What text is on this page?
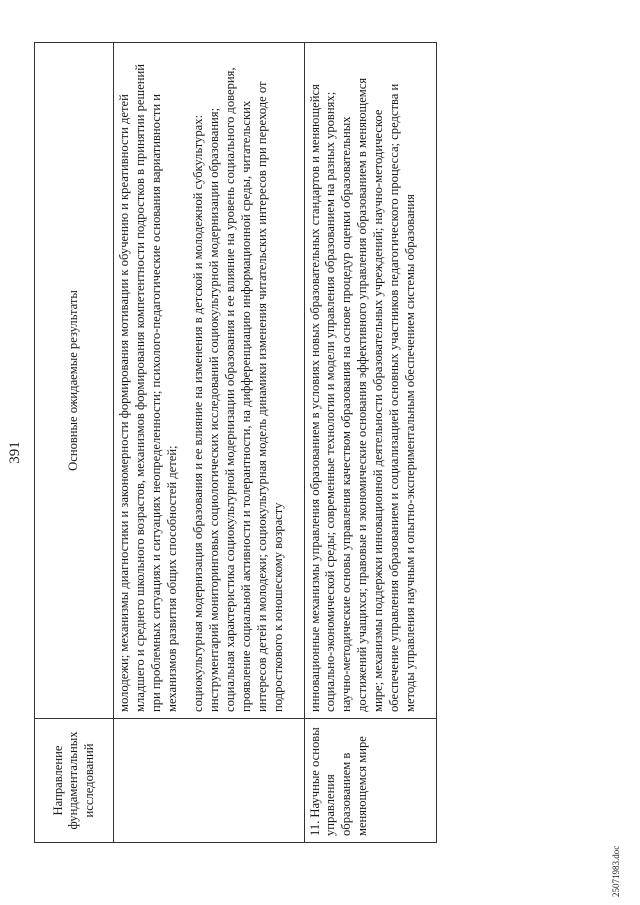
391
Направление фундаментальных исследований	Основные ожидаемые результаты

	молодежи; механизмы диагностики и закономерности формирования мотивации к обучению и креативности детей младшего и среднего школьного возрастов, механизмов формирования компетентности подростков в принятии решений при проблемных ситуациях и ситуациях неопределенности; психолого-педагогические основания вариативности и механизмов развития общих способностей детей; социокультурная модернизация образования и ее влияние на изменения в детской и молодежной субкультурах: инструментарий мониторинговых социологических исследований социокультурной модернизации образования; социальная характеристика социокультурной модернизации образования и ее влияние на уровень социального доверия, проявление социальной активности и толерантности, на дифференциацию информационной среды, читательских интересов детей и молодежи; социокультурная модель динамики изменения читательских интересов при переходе от подросткового к юношескому возрасту

11. Научные основы управления образованием в меняющемся мире	инновационные механизмы управления образованием в условиях новых образовательных стандартов и меняющейся социально-экономической среды; современные технологии и модели управления образованием на разных уровнях; научно-методические основы управления качеством образования на основе процедур оценки образовательных достижений учащихся; правовые и экономические основания эффективного управления образованием в меняющемся мире; механизмы поддержки инновационной деятельности образовательных учреждений; научно-методическое обеспечение управления образованием и социализацией основных участников педагогического процесса; средства и методы управления научным и опытно-экспериментальным обеспечением системы образования

25071983.doc
